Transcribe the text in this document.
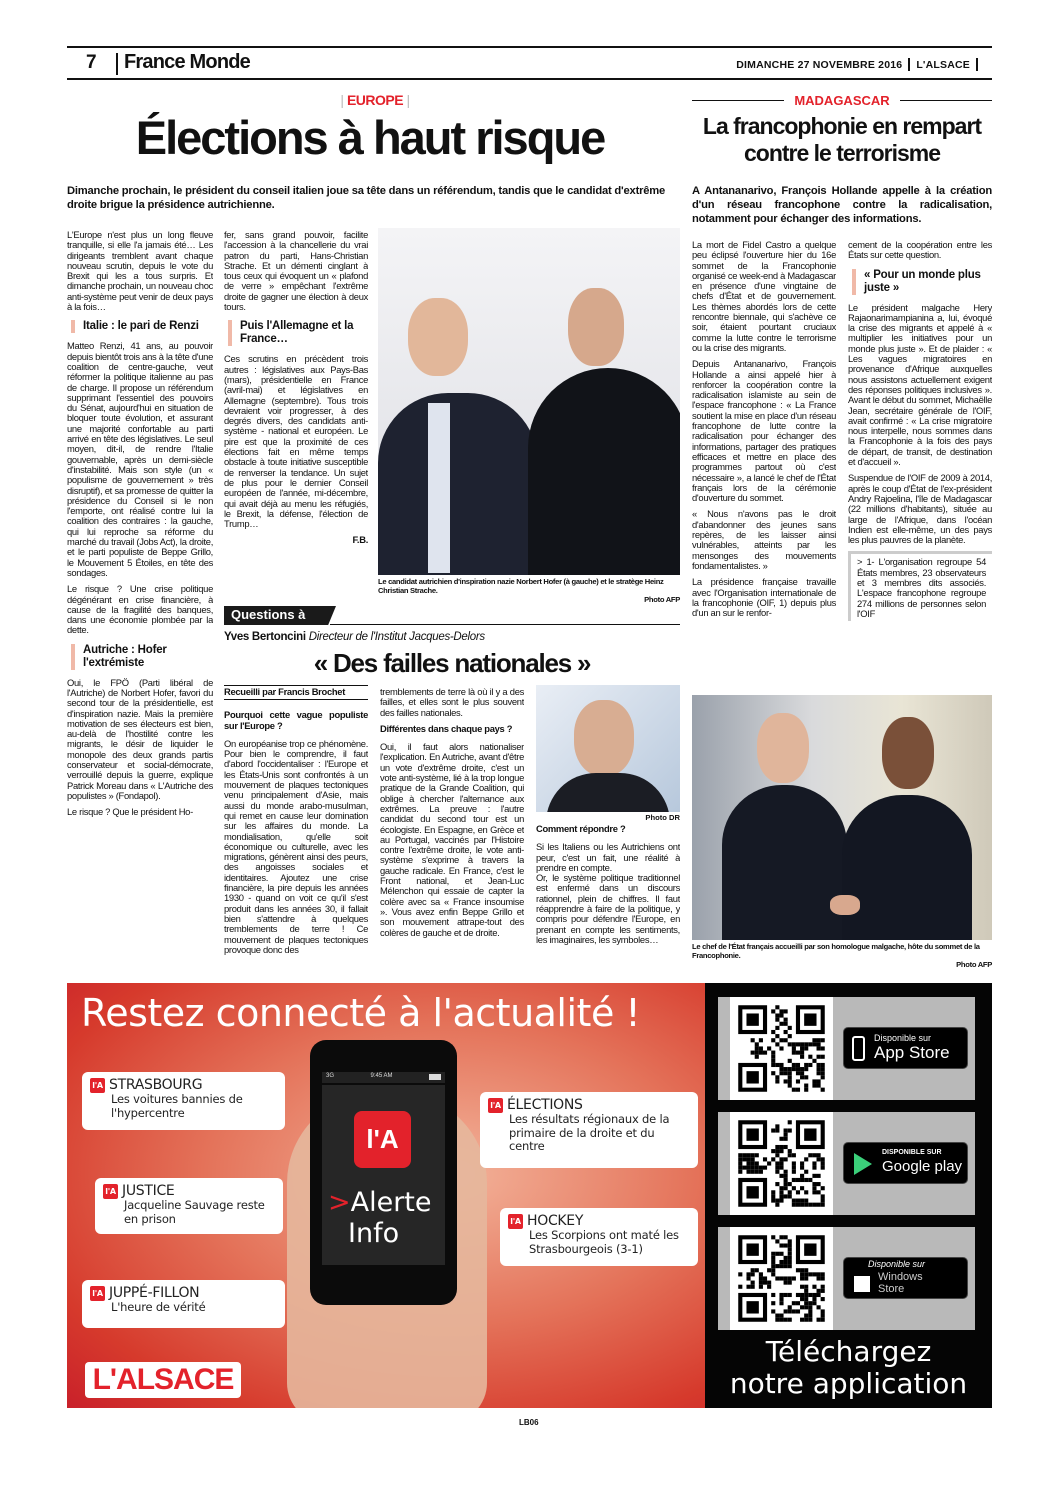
7 France Monde	DIMANCHE 27 NOVEMBRE 2016 L'ALSACE
| EUROPE |
Élections à haut risque
Dimanche prochain, le président du conseil italien joue sa tête dans un référendum, tandis que le candidat d'extrême droite brigue la présidence autrichienne.

L'Europe n'est plus un long fleuve tranquille, si elle l'a jamais été… Les dirigeants tremblent avant chaque nouveau scrutin, depuis le vote du Brexit qui les a tous surpris. Et dimanche prochain, un nouveau choc anti-système peut venir de deux pays à la fois…

Italie : le pari de Renzi

Matteo Renzi, 41 ans, au pouvoir depuis bientôt trois ans à la tête d'une coalition de centre-gauche, veut réformer la politique italienne au pas de charge. Il propose un référendum supprimant l'essentiel des pouvoirs du Sénat, aujourd'hui en situation de bloquer toute évolution, et assurant une majorité confortable au parti arrivé en tête des législatives. Le seul moyen, dit-il, de rendre l'Italie gouvernable, après un demi-siècle d'instabilité. Mais son style (un « populisme de gouvernement » très disruptif), et sa promesse de quitter la présidence du Conseil si le non l'emporte, ont réalisé contre lui la coalition des contraires : la gauche, qui lui reproche sa réforme du marché du travail (Jobs Act), la droite, et le parti populiste de Beppe Grillo, le Mouvement 5 Étoiles, en tête des sondages.

Le risque ? Une crise politique dégénérant en crise financière, à cause de la fragilité des banques, dans une économie plombée par la dette.

Autriche : Hofer l'extrémiste

Oui, le FPÖ (Parti libéral de l'Autriche) de Norbert Hofer, favori du second tour de la présidentielle, est d'inspiration nazie. Mais la première motivation de ses électeurs est bien, au-delà de l'hostilité contre les migrants, le désir de liquider le monopole des deux grands partis conservateur et social-démocrate, verrouillé depuis la guerre, explique Patrick Moreau dans « L'Autriche des populistes » (Fondapol).

Le risque ? Que le président Ho-

fer, sans grand pouvoir, facilite l'accession à la chancellerie du vrai patron du parti, Hans-Christian Strache. Et un démenti cinglant à tous ceux qui évoquent un « plafond de verre » empêchant l'extrême droite de gagner une élection à deux tours.

Puis l'Allemagne et la France…

Ces scrutins en précèdent trois autres : législatives aux Pays-Bas (mars), présidentielle en France (avril-mai) et législatives en Allemagne (septembre). Tous trois devraient voir progresser, à des degrés divers, des candidats anti-système - national et européen. Le pire est que la proximité de ces élections fait en même temps obstacle à toute initiative susceptible de renverser la tendance. Un sujet de plus pour le dernier Conseil européen de l'année, mi-décembre, qui avait déjà au menu les réfugiés, le Brexit, la défense, l'élection de Trump…

F.B.
Le candidat autrichien d'inspiration nazie Norbert Hofer (à gauche) et le stratège Heinz Christian Strache.
Photo AFP
Questions à
Yves Bertoncini Directeur de l'Institut Jacques-Delors
« Des failles nationales »
Recueilli par Francis Brochet
Pourquoi cette vague populiste sur l'Europe ?

On européanise trop ce phénomène. Pour bien le comprendre, il faut d'abord l'occidentaliser : l'Europe et les États-Unis sont confrontés à un mouvement de plaques tectoniques venu principalement d'Asie, mais aussi du monde arabo-musulman, qui remet en cause leur domination sur les affaires du monde. La mondialisation, qu'elle soit économique ou culturelle, avec les migrations, génèrent ainsi des peurs, des angoisses sociales et identitaires. Ajoutez une crise financière, la pire depuis les années 1930 - quand on voit ce qu'il s'est produit dans les années 30, il fallait bien s'attendre à quelques tremblements de terre ! Ce mouvement de plaques tectoniques provoque donc des

tremblements de terre là où il y a des failles, et elles sont le plus souvent des failles nationales.

Différentes dans chaque pays ?

Oui, il faut alors nationaliser l'explication. En Autriche, avant d'être un vote d'extrême droite, c'est un vote anti-système, lié à la trop longue pratique de la Grande Coalition, qui oblige à chercher l'alternance aux extrêmes. La preuve : l'autre candidat du second tour est un écologiste. En Espagne, en Grèce et au Portugal, vaccinés par l'Histoire contre l'extrême droite, le vote anti-système s'exprime à travers la gauche radicale. En France, c'est le Front national, et Jean-Luc Mélenchon qui essaie de capter la colère avec sa « France insoumise ». Vous avez enfin Beppe Grillo et son mouvement attrape-tout des colères de gauche et de droite.

Photo DR
Comment répondre ?

Si les Italiens ou les Autrichiens ont peur, c'est un fait, une réalité à prendre en compte.

Or, le système politique traditionnel est enfermé dans un discours rationnel, plein de chiffres. Il faut réapprendre à faire de la politique, y compris pour défendre l'Europe, en prenant en compte les sentiments, les imaginaires, les symboles…

MADAGASCAR
La francophonie en rempart
contre le terrorisme
A Antananarivo, François Hollande appelle à la création d'un réseau francophone contre la radicalisation, notamment pour échanger des informations.

La mort de Fidel Castro a quelque peu éclipsé l'ouverture hier du 16e sommet de la Francophonie organisé ce week-end à Madagascar en présence d'une vingtaine de chefs d'État et de gouvernement. Les thèmes abordés lors de cette rencontre biennale, qui s'achève ce soir, étaient pourtant cruciaux comme la lutte contre le terrorisme ou la crise des migrants.

Depuis Antananarivo, François Hollande a ainsi appelé hier à renforcer la coopération contre la radicalisation islamiste au sein de l'espace francophone : « La France soutient la mise en place d'un réseau francophone de lutte contre la radicalisation pour échanger des informations, partager des pratiques efficaces et mettre en place des programmes partout où c'est nécessaire », a lancé le chef de l'État français lors de la cérémonie d'ouverture du sommet.

« Nous n'avons pas le droit d'abandonner des jeunes sans repères, de les laisser ainsi vulnérables, atteints par les mensonges des mouvements fondamentalistes. »

La présidence française travaille avec l'Organisation internationale de la francophonie (OIF, 1) depuis plus d'un an sur le renfor-

cement de la coopération entre les États sur cette question.

« Pour un monde plus juste »

Le président malgache Hery Rajaonarimampianina a, lui, évoqué la crise des migrants et appelé à « multiplier les initiatives pour un monde plus juste ». Et de plaider : « Les vagues migratoires en provenance d'Afrique auxquelles nous assistons actuellement exigent des réponses politiques inclusives ». Avant le début du sommet, Michaëlle Jean, secrétaire générale de l'OIF, avait confirmé : « La crise migratoire nous interpelle, nous sommes dans la Francophonie à la fois des pays de départ, de transit, de destination et d'accueil ».

Suspendue de l'OIF de 2009 à 2014, après le coup d'État de l'ex-président Andry Rajoelina, l'île de Madagascar (22 millions d'habitants), située au large de l'Afrique, dans l'océan Indien est elle-même, un des pays les plus pauvres de la planète.

> 1- L'organisation regroupe 54 États membres, 23 observateurs et 3 membres dits associés. L'espace francophone regroupe 274 millions de personnes selon l'OIF
Le chef de l'État français accueilli par son homologue malgache, hôte du sommet de la Francophonie.
Photo AFP
Restez connecté à l'actualité !
3G	9:45 AM
l'A
>Alerte
Info
l'A STRASBOURG
Les voitures bannies de l'hypercentre
l'A JUSTICE
Jacqueline Sauvage reste en prison
l'A JUPPÉ-FILLON
L'heure de vérité
l'A ÉLECTIONS
Les résultats régionaux de la primaire de la droite et du centre
l'A HOCKEY
Les Scorpions ont maté les Strasbourgeois (3-1)
L'ALSACE
Disponible sur
App Store
DISPONIBLE SUR
Google play
Disponible sur
Windows Store
Téléchargez
notre application
LB06
